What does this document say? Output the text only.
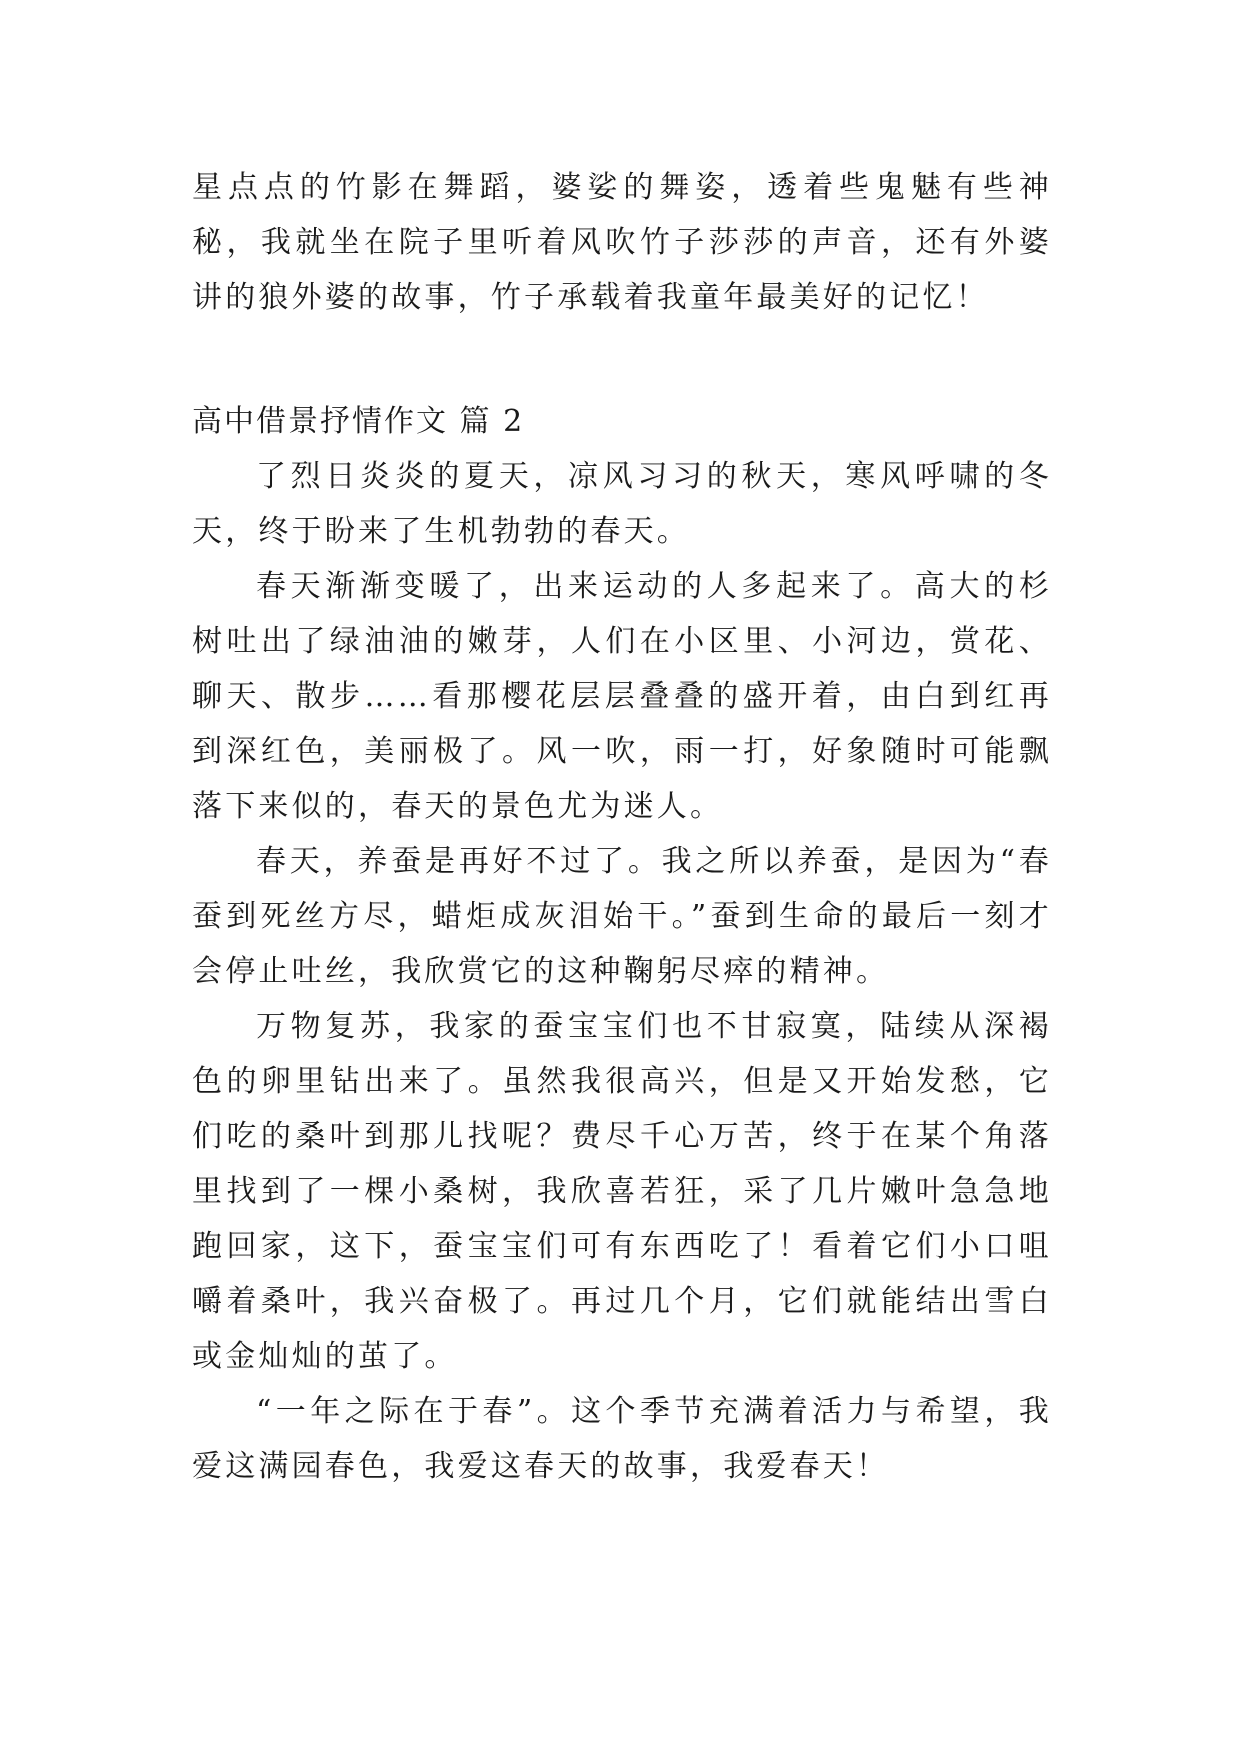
星点点的竹影在舞蹈，婆娑的舞姿，透着些鬼魅有些神秘，我就坐在院子里听着风吹竹子莎莎的声音，还有外婆讲的狼外婆的故事，竹子承载着我童年最美好的记忆！

高中借景抒情作文 篇 2

了烈日炎炎的夏天，凉风习习的秋天，寒风呼啸的冬天，终于盼来了生机勃勃的春天。

春天渐渐变暖了，出来运动的人多起来了。高大的杉树吐出了绿油油的嫩芽，人们在小区里、小河边，赏花、聊天、散步……看那樱花层层叠叠的盛开着，由白到红再到深红色，美丽极了。风一吹，雨一打，好象随时可能飘落下来似的，春天的景色尤为迷人。

春天，养蚕是再好不过了。我之所以养蚕，是因为“春蚕到死丝方尽，蜡炬成灰泪始干。”蚕到生命的最后一刻才会停止吐丝，我欣赏它的这种鞠躬尽瘁的精神。

万物复苏，我家的蚕宝宝们也不甘寂寞，陆续从深褐色的卵里钻出来了。虽然我很高兴，但是又开始发愁，它们吃的桑叶到那儿找呢？费尽千心万苦，终于在某个角落里找到了一棵小桑树，我欣喜若狂，采了几片嫩叶急急地跑回家，这下，蚕宝宝们可有东西吃了！看着它们小口咀嚼着桑叶，我兴奋极了。再过几个月，它们就能结出雪白或金灿灿的茧了。

“一年之际在于春”。这个季节充满着活力与希望，我爱这满园春色，我爱这春天的故事，我爱春天！
